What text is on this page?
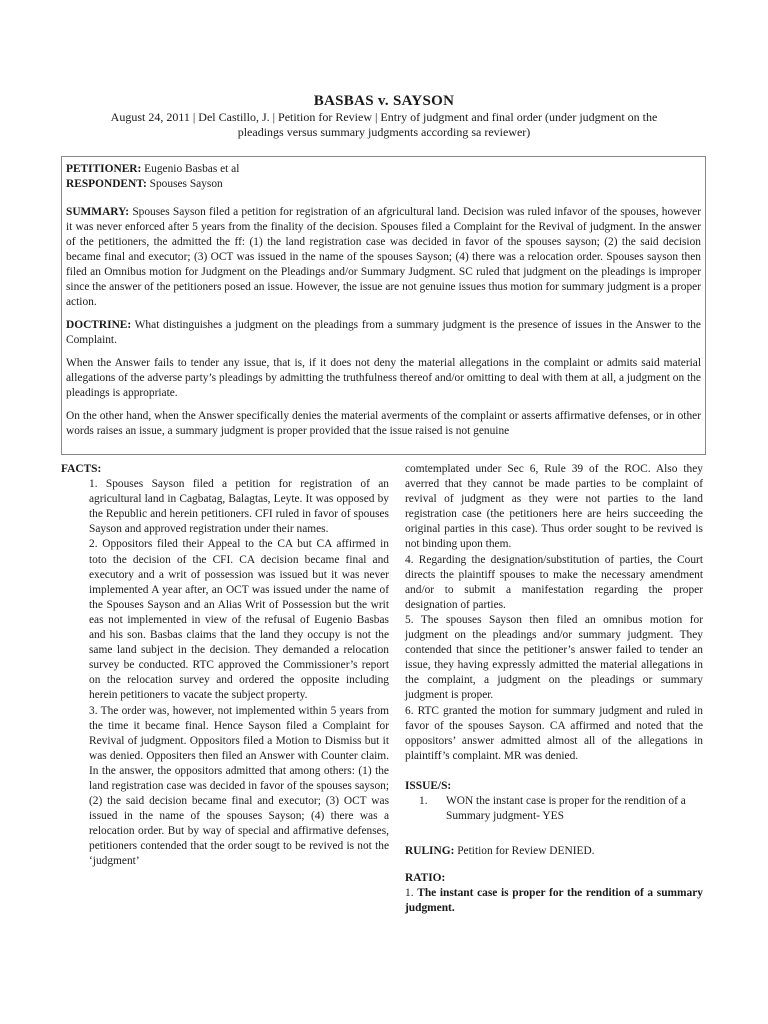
BASBAS v. SAYSON
August 24, 2011 | Del Castillo, J. | Petition for Review | Entry of judgment and final order (under judgment on the pleadings versus summary judgments according sa reviewer)

PETITIONER: Eugenio Basbas et al

RESPONDENT: Spouses Sayson

SUMMARY: Spouses Sayson filed a petition for registration of an afgricultural land. Decision was ruled infavor of the spouses, however it was never enforced after 5 years from the finality of the decision. Spouses filed a Complaint for the Revival of judgment. In the answer of the petitioners, the admitted the ff: (1) the land registration case was decided in favor of the spouses sayson; (2) the said decision became final and executor; (3) OCT was issued in the name of the spouses Sayson; (4) there was a relocation order. Spouses sayson then filed an Omnibus motion for Judgment on the Pleadings and/or Summary Judgment. SC ruled that judgment on the pleadings is improper since the answer of the petitioners posed an issue. However, the issue are not genuine issues thus motion for summary judgment is a proper action.

DOCTRINE: What distinguishes a judgment on the pleadings from a summary judgment is the presence of issues in the Answer to the Complaint.

When the Answer fails to tender any issue, that is, if it does not deny the material allegations in the complaint or admits said material allegations of the adverse party’s pleadings by admitting the truthfulness thereof and/or omitting to deal with them at all, a judgment on the pleadings is appropriate.

On the other hand, when the Answer specifically denies the material averments of the complaint or asserts affirmative defenses, or in other words raises an issue, a summary judgment is proper provided that the issue raised is not genuine

FACTS:

1. Spouses Sayson filed a petition for registration of an agricultural land in Cagbatag, Balagtas, Leyte. It was opposed by the Republic and herein petitioners. CFI ruled in favor of spouses Sayson and approved registration under their names.

2. Oppositors filed their Appeal to the CA but CA affirmed in toto the decision of the CFI. CA decision became final and executory and a writ of possession was issued but it was never implemented A year after, an OCT was issued under the name of the Spouses Sayson and an Alias Writ of Possession but the writ eas not implemented in view of the refusal of Eugenio Basbas and his son. Basbas claims that the land they occupy is not the same land subject in the decision. They demanded a relocation survey be conducted. RTC approved the Commissioner’s report on the relocation survey and ordered the opposite including herein petitioners to vacate the subject property.

3. The order was, however, not implemented within 5 years from the time it became final. Hence Sayson filed a Complaint for Revival of judgment. Oppositors filed a Motion to Dismiss but it was denied. Oppositers then filed an Answer with Counter claim. In the answer, the oppositors admitted that among others: (1) the land registration case was decided in favor of the spouses sayson; (2) the said decision became final and executor; (3) OCT was issued in the name of the spouses Sayson; (4) there was a relocation order. But by way of special and affirmative defenses, petitioners contended that the order sougt to be revived is not the ‘judgment’

comtemplated under Sec 6, Rule 39 of the ROC. Also they averred that they cannot be made parties to be complaint of revival of judgment as they were not parties to the land registration case (the petitioners here are heirs succeeding the original parties in this case). Thus order sought to be revived is not binding upon them.

4. Regarding the designation/substitution of parties, the Court directs the plaintiff spouses to make the necessary amendment and/or to submit a manifestation regarding the proper designation of parties.

5. The spouses Sayson then filed an omnibus motion for judgment on the pleadings and/or summary judgment. They contended that since the petitioner’s answer failed to tender an issue, they having expressly admitted the material allegations in the complaint, a judgment on the pleadings or summary judgment is proper.

6. RTC granted the motion for summary judgment and ruled in favor of the spouses Sayson. CA affirmed and noted that the oppositors’ answer admitted almost all of the allegations in plaintiff’s complaint. MR was denied.

ISSUE/S:

1.	WON the instant case is proper for the rendition of a Summary judgment- YES

RULING: Petition for Review DENIED.

RATIO:

1. The instant case is proper for the rendition of a summary judgment.
